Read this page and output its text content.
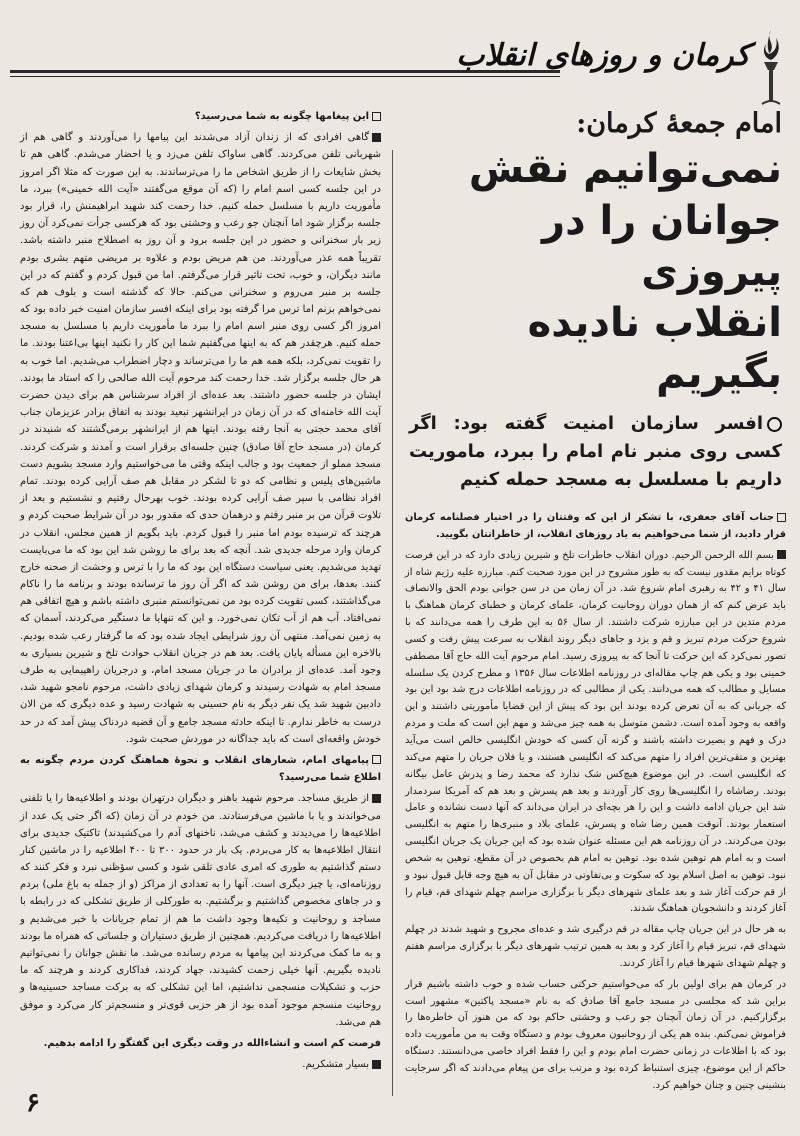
کرمان و روزهای انقلاب
امام جمعهٔ کرمان:
نمی‌توانیم نقش
جوانان را در پیروزی
انقلاب نادیده بگیریم
افسر سازمان امنیت گفته بود: اگر کسی روی منبر نام امام را ببرد، ماموریت داریم با مسلسل به مسجد حمله کنیم

جناب آقای جعفری، با تشکر از این که وقتتان را در اختیار فصلنامه کرمان قرار دادید، از شما می‌خواهیم به یاد روزهای انقلاب، از خاطراتتان بگویید.

بسم الله الرحمن الرحیم. دوران انقلاب خاطرات تلخ و شیرین زیادی دارد که در این فرصت کوتاه برایم مقدور نیست که به طور مشروح در این مورد صحبت کنم. مبارزه علیه رژیم شاه از سال ۴۱ و ۴۲ به رهبری امام شروع شد. در آن زمان من در سن جوانی بودم الحق والانصاف باید عرض کنم که از همان دوران روحانیت کرمان، علمای کرمان و خطبای کرمان هماهنگ با مردم متدین در این مبارزه شرکت داشتند. از سال ۵۶ به این طرف را همه می‌دانند که با شروع حرکت مردم تبریز و قم و یزد و جاهای دیگر روند انقلاب به سرعت پیش رفت و کسی تصور نمی‌کرد که این حرکت تا آنجا که به پیروزی رسید. امام مرحوم آیت الله حاج آقا مصطفی خمینی بود و یکی هم چاپ مقاله‌ای در روزنامه اطلاعات سال ۱۳۵۶ و مطرح کردن یک سلسله مسایل و مطالب که همه می‌دانند. یکی از مطالبی که در روزنامه اطلاعات درج شد بود این بود که جریانی که به آن تعرض کرده بودند این بود که پیش از این قضایا مأموریتی داشتند و این واقعه به وجود آمده است. دشمن متوسل به همه چیز می‌شد و مهم این است که ملت و مردم درک و فهم و بصیرت داشته باشند و گرنه آن کسی که خودش انگلیسی خالص است می‌آید بهترین و متقی‌ترین افراد را متهم می‌کند که انگلیسی هستند، و یا فلان جریان را متهم می‌کند که انگلیسی است. در این موضوع هیچ‌کس شک ندارد که محمد رضا و پدرش عامل بیگانه بودند. رضاشاه را انگلیسی‌ها روی کار آوردند و بعد هم پسرش و بعد هم که آمریکا سردمدار شد این جریان ادامه داشت و این را هر بچه‌ای در ایران می‌داند که آنها دست نشانده و عامل استعمار بودند. آنوقت همین رضا شاه و پسرش، علمای بلاد و منبری‌ها را متهم به انگلیسی بودن می‌کردند. در آن روزنامه هم این مسئله عنوان شده بود که این جریان یک جریان انگلیسی است و به امام هم توهین شده بود. توهین به امام هم بخصوص در آن مقطع، توهین به شخص نبود. توهین به اصل اسلام بود که سکوت و بی‌تفاوتی در مقابل آن به هیچ وجه قابل قبول نبود و از قم حرکت آغاز شد و بعد علمای شهرهای دیگر با برگزاری مراسم چهلم شهدای قم، قیام را آغاز کردند و دانشجویان هماهنگ شدند.

به هر حال در این جریان چاپ مقاله در قم درگیری شد و عده‌ای مجروح و شهید شدند در چهلم شهدای قم، تبریز قیام را آغاز کرد و بعد به همین ترتیب شهرهای دیگر با برگزاری مراسم هفتم و چهلم شهدای شهرها قیام را آغاز کردند.

در کرمان هم برای اولین بار که می‌خواستیم حرکتی حساب شده و خوب داشته باشیم قرار براین شد که مجلسی در مسجد جامع آقا صادق که به نام «مسجد پاکتین» مشهور است برگزارکنیم. در آن زمان آنچنان جو رعب و وحشتی حاکم بود که من هنوز آن خاطره‌ها را فراموش نمی‌کنم. بنده هم یکی از روحانیون معروف بودم و دستگاه وقت به من مأموریت داده بود که با اطلاعات در زمانی حضرت امام بودم و این را فقط افراد خاصی می‌دانستند. دستگاه حاکم از این موضوع، چیزی استنباط کرده بود و مرتب برای من پیغام می‌دادند که اگر سرجایت بنشینی چنین و چنان خواهیم کرد.

این پیغامها چگونه به شما می‌رسید؟

گاهی افرادی که از زندان آزاد می‌شدند این پیامها را می‌آوردند و گاهی هم از شهربانی تلفن می‌کردند. گاهی ساواک تلفن می‌زد و یا احضار می‌شدم. گاهی هم تا بخش شایعات را از طریق اشخاص ما را می‌ترساندند. به این صورت که مثلا اگر امروز در این جلسه کسی اسم امام را (که آن موقع می‌گفتند «آیت الله خمینی») ببرد، ما مأموریت داریم با مسلسل حمله کنیم. خدا رحمت کند شهید ابراهیمنش را، قرار بود جلسه برگزار شود اما آنچنان جو رعب و وحشتی بود که هرکسی جرأت نمی‌کرد آن روز زیر بار سخنرانی و حضور در این جلسه برود و آن روز به اصطلاح منبر داشته باشد. تقریباً همه عذر می‌آوردند. من هم مریض بودم و علاوه بر مریضی متهم بشری بودم مانند دیگران، و خوب، تحت تاثیر قرار می‌گرفتم. اما من قبول کردم و گفتم که در این جلسه بر منبر می‌روم و سخنرانی می‌کنم. حالا که گذشته است و بلوف هم که نمی‌خواهم بزنم اما ترس مرا گرفته بود برای اینکه افسر سازمان امنیت خبر داده بود که امروز اگر کسی روی منبر اسم امام را ببرد ما مأموریت داریم با مسلسل به مسجد حمله کنیم. هرچقدر هم که به اینها می‌گفتیم شما این کار را نکنید اینها بی‌اعتنا بودند. ما را تقویت نمی‌کرد، بلکه همه هم ما را می‌ترساند و دچار اضطراب می‌شدیم. اما خوب به هر حال جلسه برگزار شد. خدا رحمت کند مرحوم آیت الله صالحی را که استاد ما بودند. ایشان در جلسه حضور داشتند. بعد عده‌ای از افراد سرشناس هم برای دیدن حضرت آیت الله خامنه‌ای که در آن زمان در ایرانشهر تبعید بودند به اتفاق برادر عزیزمان جناب آقای محمد حجتی به آنجا رفته بودند. اینها هم از ایرانشهر برمی‌گشتند که شنیدند در کرمان (در مسجد حاج آقا صادق) چنین جلسه‌ای برقرار است و آمدند و شرکت کردند. مسجد مملو از جمعیت بود و جالب اینکه وقتی ما می‌خواستیم وارد مسجد بشویم دست ماشین‌های پلیس و نظامی که دو تا لشکر در مقابل هم صف آرایی کرده بودند. تمام افراد نظامی با سپر صف آرایی کرده بودند. خوب بهرحال رفتیم و نشستیم و بعد از تلاوت قرآن من بر منبر رفتم و درهمان حدی که مقدور بود در آن شرایط صحبت کردم و هرچند که ترسیده بودم اما منبر را قبول کردم. باید بگویم از همین مجلس، انقلاب در کرمان وارد مرحله جدیدی شد. آنچه که بعد برای ما روشن شد این بود که ما می‌بایست تهدید می‌شدیم. یعنی سیاست دستگاه این بود که ما را با ترس و وحشت از صحنه خارج کنند. بعدها، برای من روشن شد که اگر آن روز ما ترسانده بودند و برنامه ما را ناکام می‌گذاشتند، کسی تقویت کرده بود من نمی‌توانستم منبری داشته باشم و هیچ اتفاقی هم نمی‌افتاد. آب هم از آب تکان نمی‌خورد. و این که تنهایا ما دستگیر می‌کردند، آسمان که به زمین نمی‌آمد. منتهی آن روز شرایطی ایجاد شده بود که ما گرفتار رعب شده بودیم. بالاخره این مسأله پایان یافت. بعد هم در جریان انقلاب حوادث تلخ و شیرین بسیاری به وجود آمد. عده‌ای از برادران ما در جریان مسجد امام، و درجریان راهپیمایی به طرف مسجد امام به شهادت رسیدند و کرمان شهدای زیادی داشت، مرحوم نامجو شهید شد، دادبین شهید شد یک نفر دیگر به نام حسینی به شهادت رسید و عده دیگری که من الان درست به خاطر ندارم. تا اینکه حادثه مسجد جامع و آن قضیه دردناک پیش آمد که در حد خودش واقعه‌ای است که باید جداگانه در موردش صحبت شود.

پیامهای امام، شعارهای انقلاب و نحوهٔ هماهنگ کردن مردم چگونه به اطلاع شما می‌رسید؟

از طریق مساجد. مرحوم شهید باهنر و دیگران درتهران بودند و اطلاعیه‌ها را یا تلفنی می‌خواندند و یا با ماشین می‌فرستادند. من خودم در آن زمان (که اگر حتی یک عدد از اطلاعیه‌ها را می‌دیدند و کشف می‌شد، ناخنهای آدم را می‌کشیدند) تاکتیک جدیدی برای انتقال اطلاعیه‌ها به کار می‌بردم. یک بار در حدود ۳۰۰ تا ۴۰۰ اطلاعیه را در ماشین کنار دستم گذاشتیم به طوری که امری عادی تلقی شود و کسی سؤظنی نبرد و فکر کنند که روزنامه‌ای، یا چیز دیگری است. آنها را به تعدادی از مراکز (و از جمله به باغ ملی) بردم و در جاهای مخصوص گذاشتیم و برگشتیم. به طورکلی از طریق تشکلی که در رابطه با مساجد و روحانیت و تکیه‌ها وجود داشت ما هم از تمام جریانات با خبر می‌شدیم و اطلاعیه‌ها را دریافت می‌کردیم. همچنین از طریق دستیاران و جلساتی که همراه ما بودند و به ما کمک می‌کردند این پیامها به مردم رسانده می‌شد. ما نقش جوانان را نمی‌توانیم نادیده بگیریم. آنها خیلی زحمت کشیدند، جهاد کردند، فداکاری کردند و هرچند که ما حزب و تشکیلات منسجمی نداشتیم، اما این تشکلی که به برکت مساجد حسینیه‌ها و روحانیت منسجم موجود آمده بود از هر حزبی قوی‌تر و منسجم‌تر کار می‌کرد و موفق هم می‌شد.

فرصت کم است و انشاءالله در وقت دیگری این گفتگو را ادامه بدهیم.

بسیار متشکریم.

۶
